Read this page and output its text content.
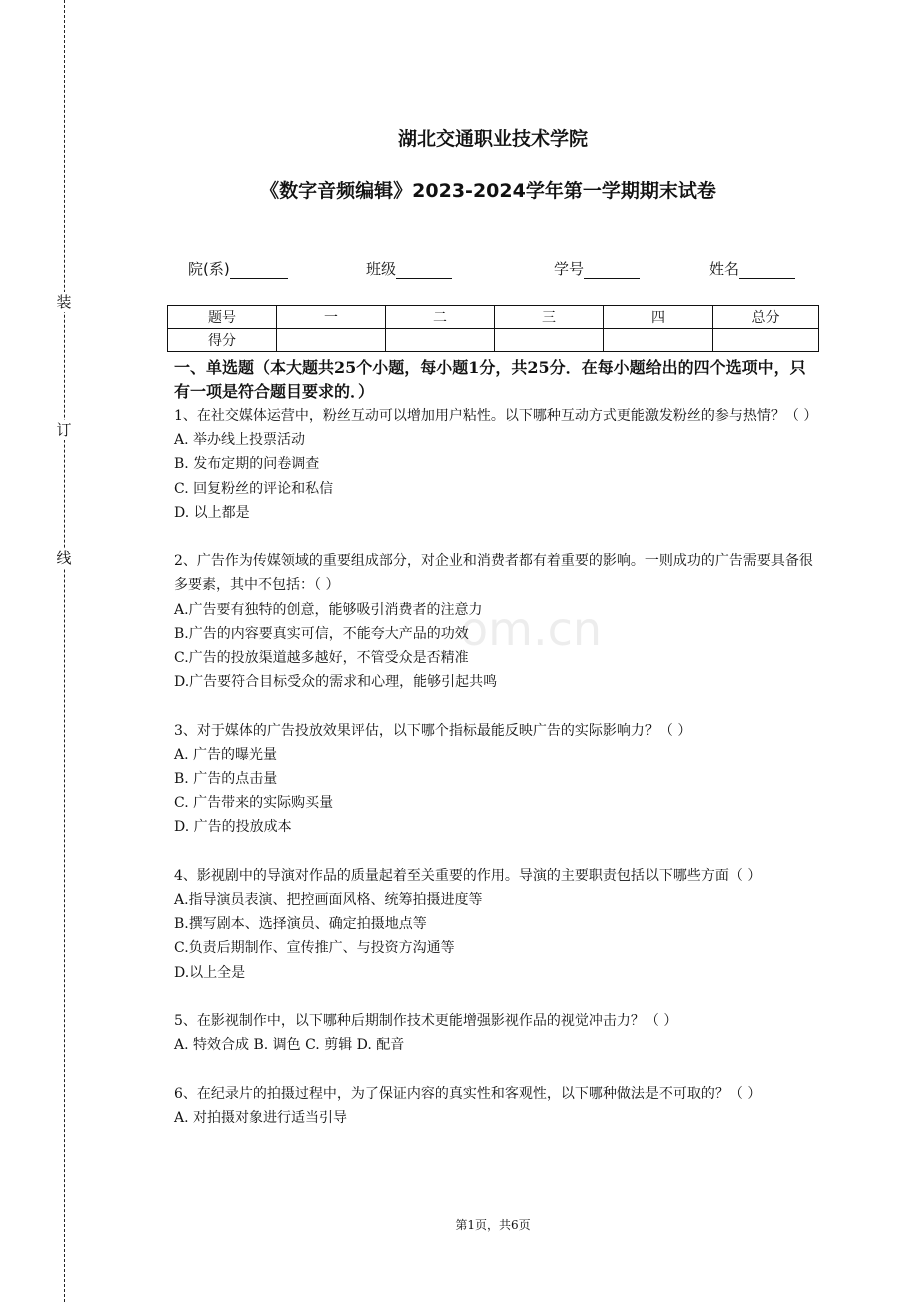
装
订
线
湖北交通职业技术学院
《数字音频编辑》2023-2024学年第一学期期末试卷
院(系)	班级	学号	姓名
题号	一	二	三	四	总分
得分					
一、单选题（本大题共25个小题，每小题1分，共25分．在每小题给出的四个选项中，只有一项是符合题目要求的．）
om.cn

1、在社交媒体运营中，粉丝互动可以增加用户粘性。以下哪种互动方式更能激发粉丝的参与热情？（ ）

A. 举办线上投票活动

B. 发布定期的问卷调查

C. 回复粉丝的评论和私信

D. 以上都是

2、广告作为传媒领域的重要组成部分，对企业和消费者都有着重要的影响。一则成功的广告需要具备很多要素，其中不包括：（ ）

A.广告要有独特的创意，能够吸引消费者的注意力

B.广告的内容要真实可信，不能夸大产品的功效

C.广告的投放渠道越多越好，不管受众是否精准

D.广告要符合目标受众的需求和心理，能够引起共鸣

3、对于媒体的广告投放效果评估，以下哪个指标最能反映广告的实际影响力？（ ）

A. 广告的曝光量

B. 广告的点击量

C. 广告带来的实际购买量

D. 广告的投放成本

4、影视剧中的导演对作品的质量起着至关重要的作用。导演的主要职责包括以下哪些方面（ ）

A.指导演员表演、把控画面风格、统筹拍摄进度等

B.撰写剧本、选择演员、确定拍摄地点等

C.负责后期制作、宣传推广、与投资方沟通等

D.以上全是

5、在影视制作中，以下哪种后期制作技术更能增强影视作品的视觉冲击力？（ ）

A. 特效合成 B. 调色 C. 剪辑 D. 配音

6、在纪录片的拍摄过程中，为了保证内容的真实性和客观性，以下哪种做法是不可取的？（ ）

A. 对拍摄对象进行适当引导

第1页，共6页
